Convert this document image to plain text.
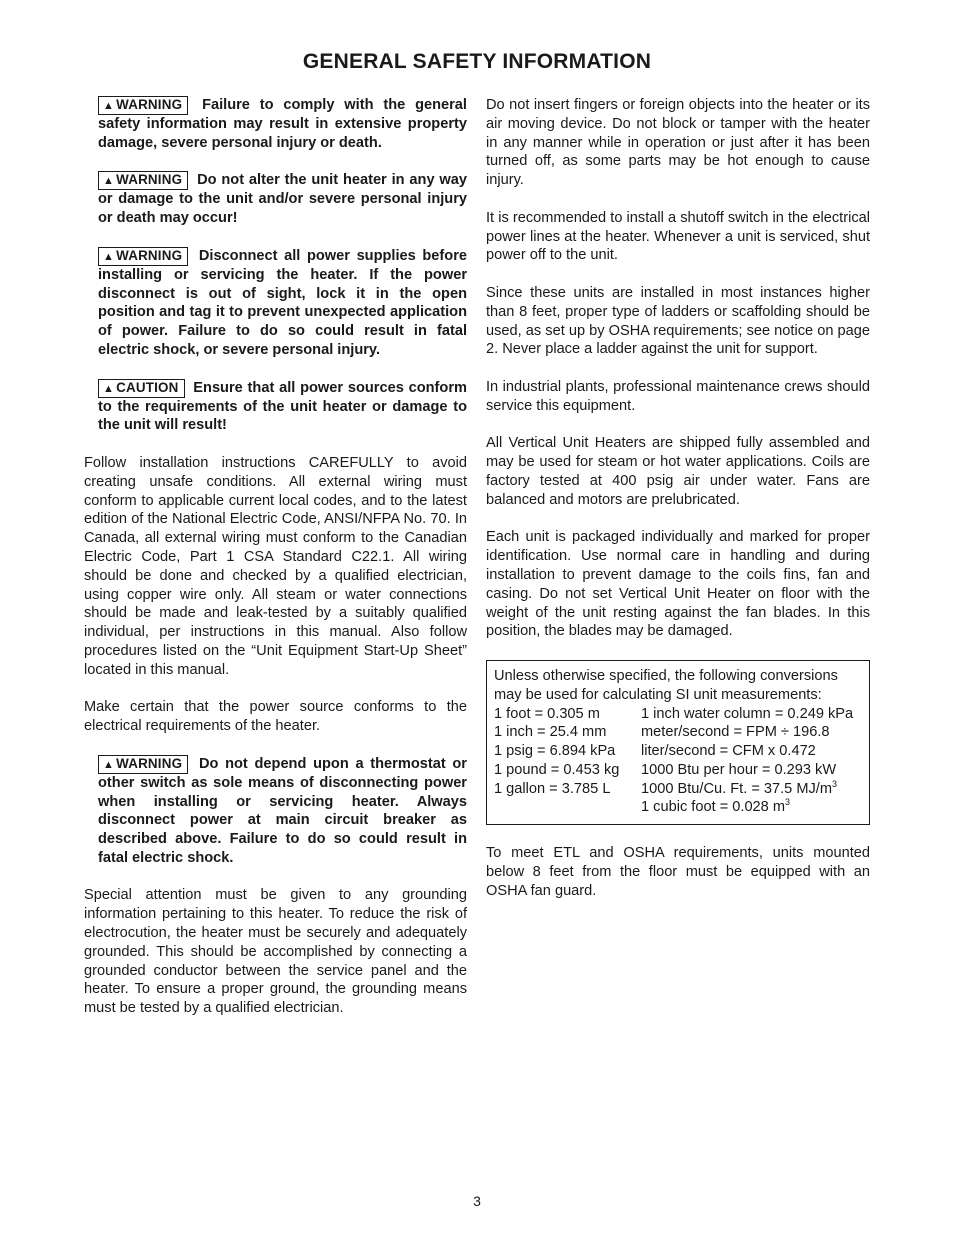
GENERAL SAFETY INFORMATION

▲ WARNING Failure to comply with the general safety information may result in extensive property damage, severe personal injury or death.

▲ WARNING Do not alter the unit heater in any way or damage to the unit and/or severe personal injury or death may occur!

▲ WARNING Disconnect all power supplies before installing or servicing the heater. If the power disconnect is out of sight, lock it in the open position and tag it to prevent unexpected application of power. Failure to do so could result in fatal electric shock, or severe personal injury.

▲ CAUTION Ensure that all power sources conform to the requirements of the unit heater or damage to the unit will result!

Follow installation instructions CAREFULLY to avoid creating unsafe conditions. All external wiring must conform to applicable current local codes, and to the latest edition of the National Electric Code, ANSI/NFPA No. 70. In Canada, all external wiring must conform to the Canadian Electric Code, Part 1 CSA Standard C22.1. All wiring should be done and checked by a qualified electrician, using copper wire only. All steam or water connections should be made and leak-tested by a suitably qualified individual, per instructions in this manual. Also follow procedures listed on the “Unit Equipment Start-Up Sheet” located in this manual.

Make certain that the power source conforms to the electrical requirements of the heater.

▲ WARNING Do not depend upon a thermostat or other switch as sole means of disconnecting power when installing or servicing heater. Always disconnect power at main circuit breaker as described above. Failure to do so could result in fatal electric shock.

Special attention must be given to any grounding information pertaining to this heater. To reduce the risk of electrocution, the heater must be securely and adequately grounded. This should be accomplished by connecting a grounded conductor between the service panel and the heater. To ensure a proper ground, the grounding means must be tested by a qualified electrician.

Do not insert fingers or foreign objects into the heater or its air moving device. Do not block or tamper with the heater in any manner while in operation or just after it has been turned off, as some parts may be hot enough to cause injury.

It is recommended to install a shutoff switch in the electrical power lines at the heater. Whenever a unit is serviced, shut power off to the unit.

Since these units are installed in most instances higher than 8 feet, proper type of ladders or scaffolding should be used, as set up by OSHA requirements; see notice on page 2. Never place a ladder against the unit for support.

In industrial plants, professional maintenance crews should service this equipment.

All Vertical Unit Heaters are shipped fully assembled and may be used for steam or hot water applications. Coils are factory tested at 400 psig air under water. Fans are balanced and motors are prelubricated.

Each unit is packaged individually and marked for proper identification. Use normal care in handling and during installation to prevent damage to the coils fins, fan and casing. Do not set Vertical Unit Heater on floor with the weight of the unit resting against the fan blades. In this position, the blades may be damaged.

Unless otherwise specified, the following conversions may be used for calculating SI unit measurements:

1 foot = 0.305 m	1 inch water column = 0.249 kPa
1 inch = 25.4 mm	meter/second = FPM ÷ 196.8
1 psig = 6.894 kPa	liter/second = CFM x 0.472
1 pound = 0.453 kg	1000 Btu per hour = 0.293 kW
1 gallon = 3.785 L	1000 Btu/Cu. Ft. = 37.5 $MJ/m^3$
	1 cubic foot = 0.028 $m^3$

To meet ETL and OSHA requirements, units mounted below 8 feet from the floor must be equipped with an OSHA fan guard.

3
